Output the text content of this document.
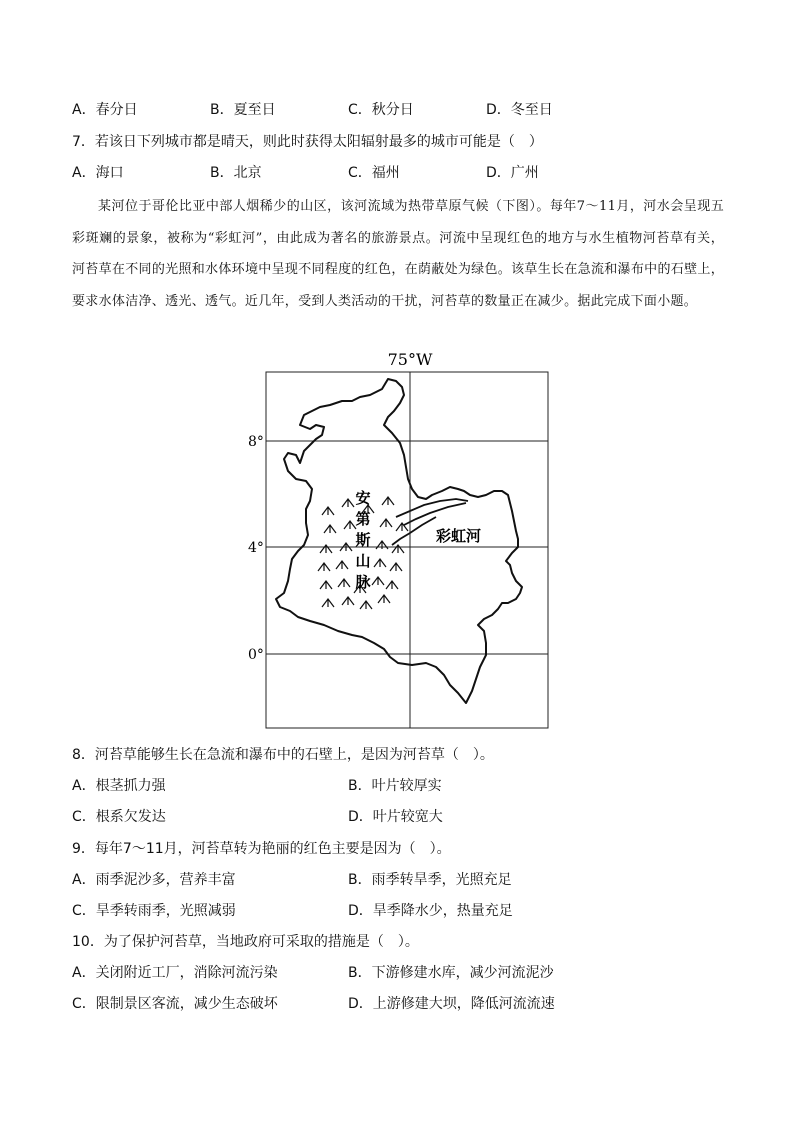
A．春分日	B．夏至日	C．秋分日	D．冬至日
7．若该日下列城市都是晴天，则此时获得太阳辐射最多的城市可能是（　）
A．海口	B．北京	C．福州	D．广州
某河位于哥伦比亚中部人烟稀少的山区，该河流域为热带草原气候（下图）。每年7～11月，河水会呈现五彩斑斓的景象，被称为“彩虹河”，由此成为著名的旅游景点。河流中呈现红色的地方与水生植物河苔草有关，河苔草在不同的光照和水体环境中呈现不同程度的红色，在荫蔽处为绿色。该草生长在急流和瀑布中的石壁上，要求水体洁净、透光、透气。近几年，受到人类活动的干扰，河苔草的数量正在减少。据此完成下面小题。
75°W
8°
4°
0°
安
第
斯
山
脉
彩虹河
8．河苔草能够生长在急流和瀑布中的石壁上，是因为河苔草（　）。
A．根茎抓力强	B．叶片较厚实
C．根系欠发达	D．叶片较宽大
9．每年7～11月，河苔草转为艳丽的红色主要是因为（　）。
A．雨季泥沙多，营养丰富	B．雨季转旱季，光照充足
C．旱季转雨季，光照减弱	D．旱季降水少，热量充足
10．为了保护河苔草，当地政府可采取的措施是（　）。
A．关闭附近工厂，消除河流污染	B．下游修建水库，减少河流泥沙
C．限制景区客流，减少生态破坏	D．上游修建大坝，降低河流流速
